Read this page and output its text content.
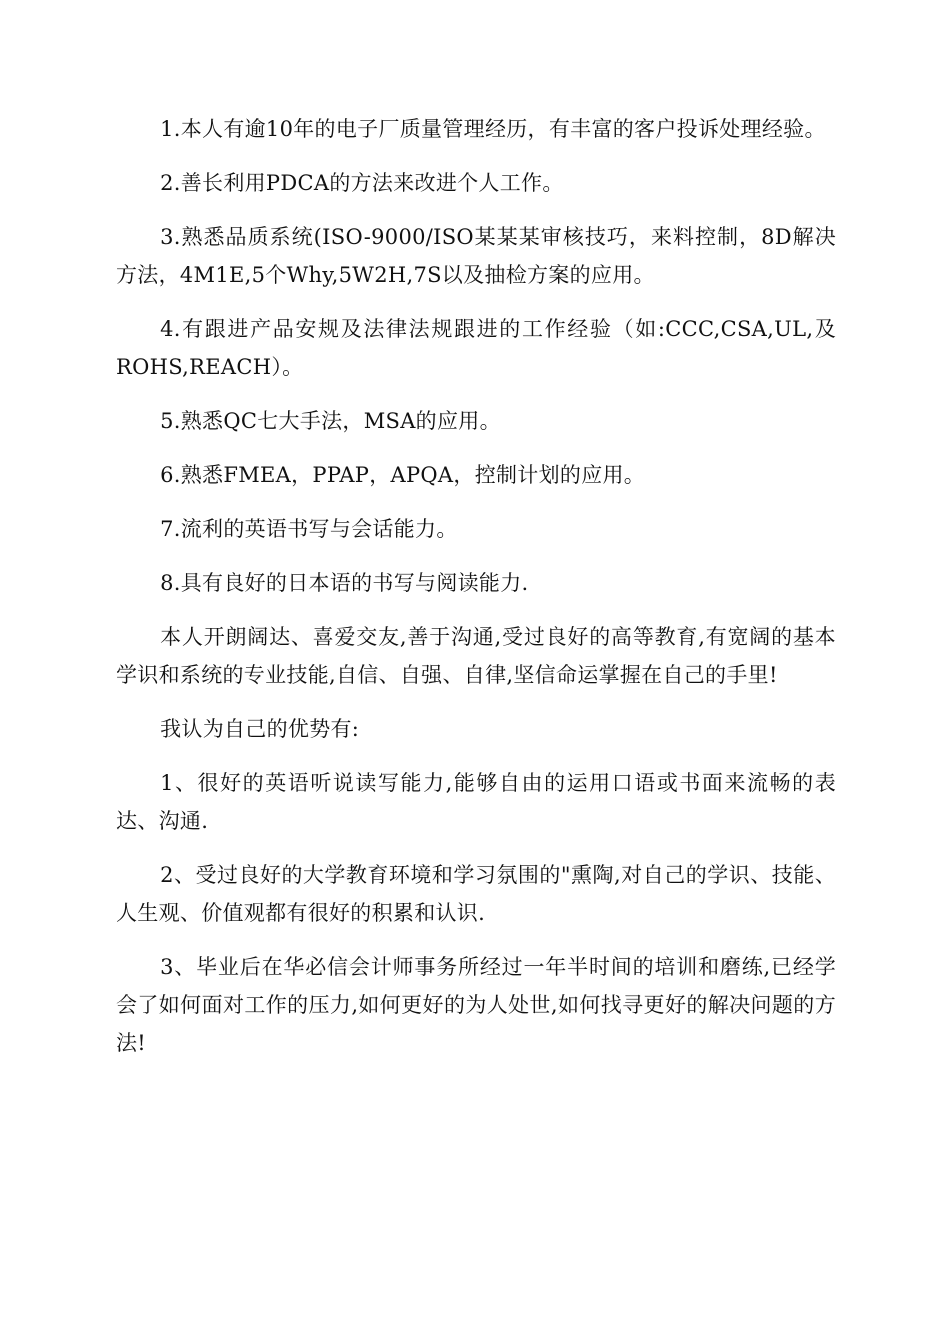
1.本人有逾10年的电子厂质量管理经历，有丰富的客户投诉处理经验。

2.善长利用PDCA的方法来改进个人工作。

3.熟悉品质系统(ISO-9000/ISO某某某审核技巧，来料控制，8D解决方法，4M1E,5个Why,5W2H,7S以及抽检方案的应用。

4.有跟进产品安规及法律法规跟进的工作经验（如:CCC,CSA,UL,及ROHS,REACH）。

5.熟悉QC七大手法，MSA的应用。

6.熟悉FMEA，PPAP，APQA，控制计划的应用。

7.流利的英语书写与会话能力。

8.具有良好的日本语的书写与阅读能力.

本人开朗阔达、喜爱交友,善于沟通,受过良好的高等教育,有宽阔的基本学识和系统的专业技能,自信、自强、自律,坚信命运掌握在自己的手里!

我认为自己的优势有:

1、很好的英语听说读写能力,能够自由的运用口语或书面来流畅的表达、沟通.

2、受过良好的大学教育环境和学习氛围的"熏陶,对自己的学识、技能、人生观、价值观都有很好的积累和认识.

3、毕业后在华必信会计师事务所经过一年半时间的培训和磨练,已经学会了如何面对工作的压力,如何更好的为人处世,如何找寻更好的解决问题的方法!
